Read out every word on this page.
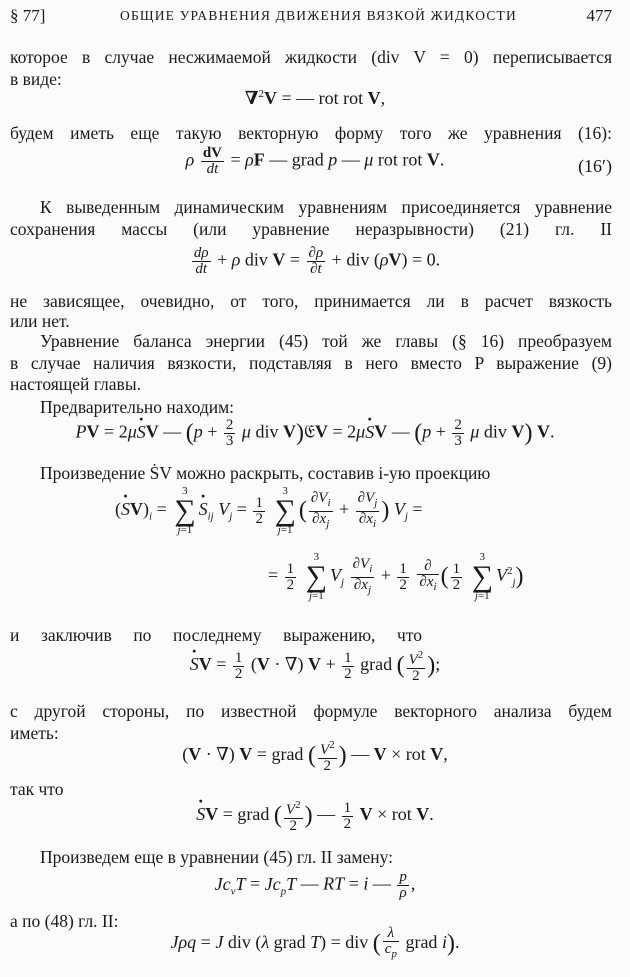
§ 77]	ОБЩИЕ УРАВНЕНИЯ ДВИЖЕНИЯ ВЯЗКОЙ ЖИДКОСТИ	477
которое в случае несжимаемой жидкости (div V = 0) переписывается
в виде:
∇$^2$V = — rot rot V,
будем иметь еще такую векторную форму того же уравнения (16):
ρ $\frac{dV}{dt} = \rho F$ — grad p — μ rot rot V.	(16′)
К выведенным динамическим уравнениям присоединяется уравнение
сохранения массы (или уравнение неразрывности) (21) гл. II
$\frac{d\rho}{dt} + \rho$ div $V = \frac{\partial\rho}{\partial t}$ + div (ρV) = 0.
не зависящее, очевидно, от того, принимается ли в расчет вязкость
или нет.
Уравнение баланса энергии (45) той же главы (§ 16) преобразуем
в случае наличия вязкости, подставляя в него вместо P выражение (9)
настоящей главы.
Предварительно находим:
PV = 2μ· SV — ($p + \frac{2}{3}$ μ div V)𝔈V = 2μ· SV — ($p + \frac{2}{3}$ μ div V) V.
Произведение ṠV можно раскрыть, составив i-ую проекцию
(· $SV)_i$ =
3
∑
j=1
· $S_{ij}$ $V_j = \frac{1}{2}$

3
∑
j=1
( $\frac{\partial V_i}{\partial x_j} + \frac{\partial V_j}{\partial x_i}$ ) $V_j$ =
= $\frac{1}{2}$

3
∑
j=1
$V_j \frac{\partial V_i}{\partial x_j} + \frac{1}{2}$
$\frac{\partial}{\partial x_i}$ ( $\frac{1}{2}$

3
∑
j=1
$V^2_j$)
и заключив по последнему выражению, что
· SV = $\frac{1}{2} (V$ · ∇) $V + \frac{1}{2}$ grad ( $\frac{V^2}{2}$ );
с другой стороны, по известной формуле векторного анализа будем
иметь:
(V · ∇) V = grad ( $\frac{V^2}{2}$ ) — V × rot V,
так что
· SV = grad ( $\frac{V^2}{2}$ ) — $\frac{1}{2}$ V × rot V.
Произведем еще в уравнении (45) гл. II замену:
$Jc_vT = Jc_pT$ — RT = i — $\frac{p}{\rho}$ ,
а по (48) гл. II:
Jρq = J div (λ grad T) = div ( $\frac{\lambda}{c_p}$ grad i).
